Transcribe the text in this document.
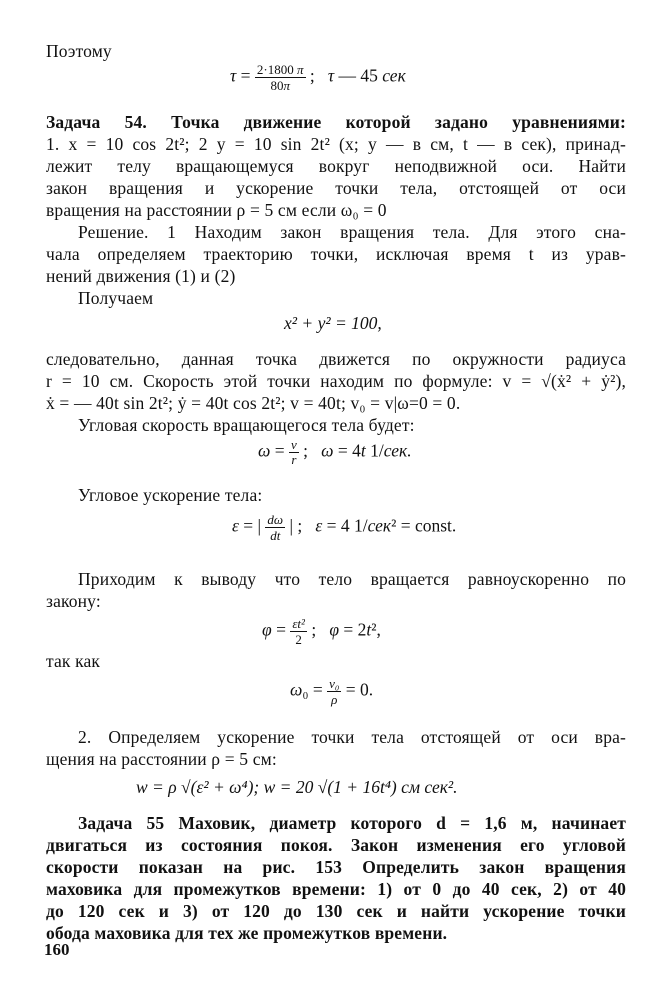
Поэтому
$\tau = \frac{2\cdot 1800 \pi}{80\pi}$ ;   τ — 45 сек
Задача 54. Точка движение которой задано уравнениями:
1. x = 10 cos 2t²; 2 y = 10 sin 2t² (x; y — в см, t — в сек), принад-
лежит телу вращающемуся вокруг неподвижной оси. Найти
закон вращения и ускорение точки тела, отстоящей от оси
вращения на расстоянии ρ = 5 см если ω₀ = 0
Решение. 1 Находим закон вращения тела. Для этого сна-
чала определяем траекторию точки, исключая время t из урав-
нений движения (1) и (2)
Получаем
x² + y² = 100,
следовательно, данная точка движется по окружности радиуса
r = 10 см. Скорость этой точки находим по формуле: v = √(ẋ² + ẏ²),
ẋ = — 40t sin 2t²; ẏ = 40t cos 2t²; v = 40t; v₀ = v|ω=0 = 0.
Угловая скорость вращающегося тела будет:
$\omega = \frac{v}{r}$ ;   ω = 4t 1/сек.
Угловое ускорение тела:
ε = | $\frac{d\omega}{dt}$ | ;   ε = 4 1/сек² = const.
Приходим к выводу что тело вращается равноускоренно по
закону:
$\varphi = \frac{\text{εt²}}{2}$ ;   φ = 2t²,
так как
$\omega_0 = \frac{\text{v₀}}{\rho} = 0$.
2. Определяем ускорение точки тела отстоящей от оси вра-
щения на расстоянии ρ = 5 см:
w = ρ √(ε² + ω⁴); w = 20 √(1 + 16t⁴) см сек².
Задача 55 Маховик, диаметр которого d = 1,6 м, начинает
двигаться из состояния покоя. Закон изменения его угловой
скорости показан на рис. 153 Определить закон вращения
маховика для промежутков времени: 1) от 0 до 40 сек, 2) от 40
до 120 сек и 3) от 120 до 130 сек и найти ускорение точки
обода маховика для тех же промежутков времени.
160
